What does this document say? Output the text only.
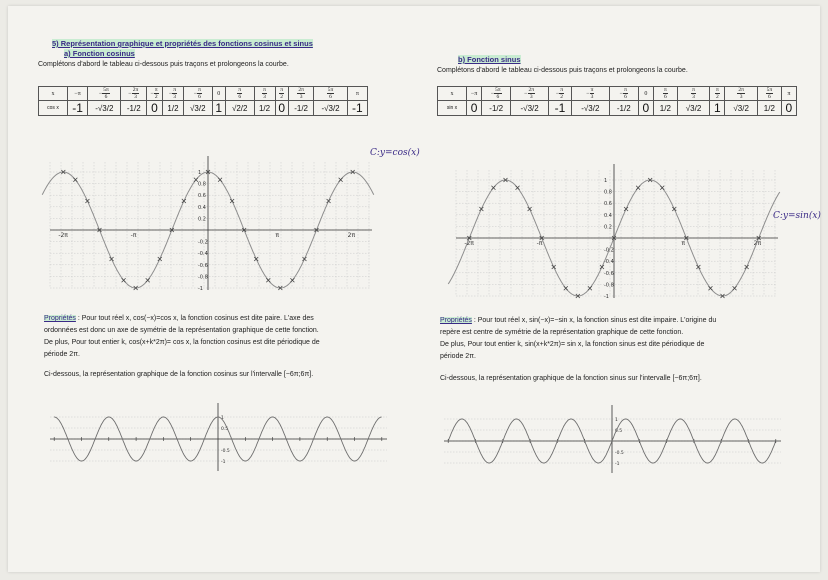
5) Représentation graphique et propriétés des fonctions cosinus et sinus
a) Fonction cosinus
Complétons d'abord le tableau ci-dessous puis traçons et prolongeons la courbe.
x	−π	− $\frac{5\pi}{6}$	− $\frac{2\pi}{3}$	− $\frac{\pi}{2}$	− $\frac{\pi}{3}$	− $\frac{\pi}{6}$	0	$\frac{\pi}{6}$	$\frac{\pi}{3}$	$\frac{\pi}{2}$	$\frac{2\pi}{3}$	$\frac{5\pi}{6}$	π
cos x	-1	-√3/2	-1/2	0	1/2	√3/2	1	√2/2	1/2	0	-1/2	-√3/2	-1
1
0.8
0.6
0.4
0.2
-0.2
-0.4
-0.6
-0.8
-1
-2π	-π	π	2π
C:y=cos(x)
Propriétés : Pour tout réel x, cos(−x)=cos x, la fonction cosinus est dite paire. L'axe des
ordonnées est donc un axe de symétrie de la représentation graphique de cette fonction.
De plus, Pour tout entier k, cos(x+k*2π)= cos x, la fonction cosinus est dite périodique de
période 2π.
Ci-dessous, la représentation graphique de la fonction cosinus sur l'intervalle [−6π;6π].
1
0.5
-0.5
-1
b) Fonction sinus
Complétons d'abord le tableau ci-dessous puis traçons et prolongeons la courbe.
x	−π	− $\frac{5\pi}{6}$	− $\frac{2\pi}{3}$	− $\frac{\pi}{2}$	− $\frac{\pi}{3}$	− $\frac{\pi}{6}$	0	$\frac{\pi}{6}$	$\frac{\pi}{3}$	$\frac{\pi}{2}$	$\frac{2\pi}{3}$	$\frac{5\pi}{6}$	π
sin x	0	-1/2	-√3/2	-1	-√3/2	-1/2	0	1/2	√3/2	1	√3/2	1/2	0
1
0.8
0.6
0.4
0.2
-0.2
-0.4
-0.6
-0.8
-1
-2π	-π	π	2π
C:y=sin(x)
Propriétés : Pour tout réel x, sin(−x)=−sin x, la fonction sinus est dite impaire. L'origine du
repère est centre de symétrie de la représentation graphique de cette fonction.
De plus, Pour tout entier k, sin(x+k*2π)= sin x, la fonction sinus est dite périodique de
période 2π.
Ci-dessous, la représentation graphique de la fonction sinus sur l'intervalle [−6π;6π].
1
0.5
-0.5
-1
